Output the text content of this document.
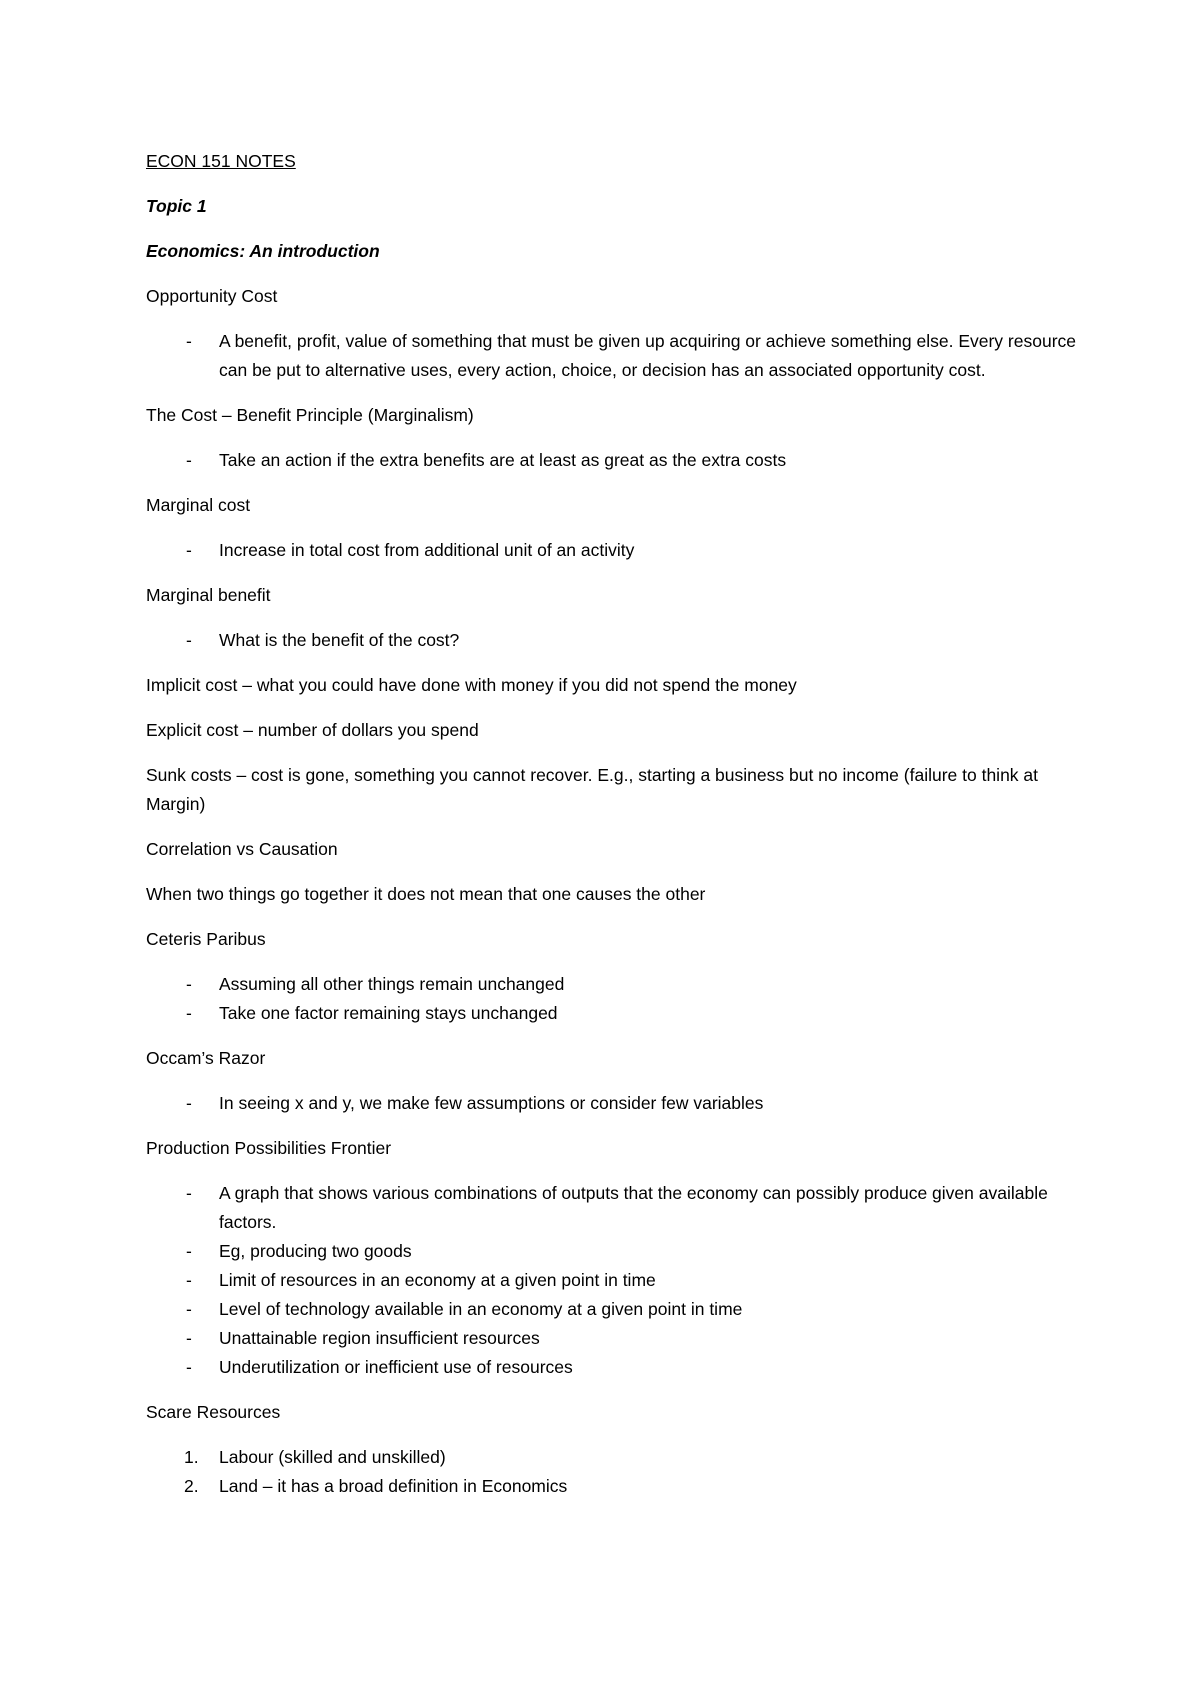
ECON 151 NOTES

Topic 1

Economics: An introduction

Opportunity Cost

- A benefit, profit, value of something that must be given up acquiring or achieve something else. Every resource can be put to alternative uses, every action, choice, or decision has an associated opportunity cost.

The Cost – Benefit Principle (Marginalism)

- Take an action if the extra benefits are at least as great as the extra costs

Marginal cost

- Increase in total cost from additional unit of an activity

Marginal benefit

- What is the benefit of the cost?

Implicit cost – what you could have done with money if you did not spend the money

Explicit cost – number of dollars you spend

Sunk costs – cost is gone, something you cannot recover. E.g., starting a business but no income (failure to think at Margin)

Correlation vs Causation

When two things go together it does not mean that one causes the other

Ceteris Paribus

- Assuming all other things remain unchanged
- Take one factor remaining stays unchanged

Occam’s Razor

- In seeing x and y, we make few assumptions or consider few variables

Production Possibilities Frontier

- A graph that shows various combinations of outputs that the economy can possibly produce given available factors.
- Eg, producing two goods
- Limit of resources in an economy at a given point in time
- Level of technology available in an economy at a given point in time
- Unattainable region insufficient resources
- Underutilization or inefficient use of resources

Scare Resources

1. Labour (skilled and unskilled)
2. Land – it has a broad definition in Economics
